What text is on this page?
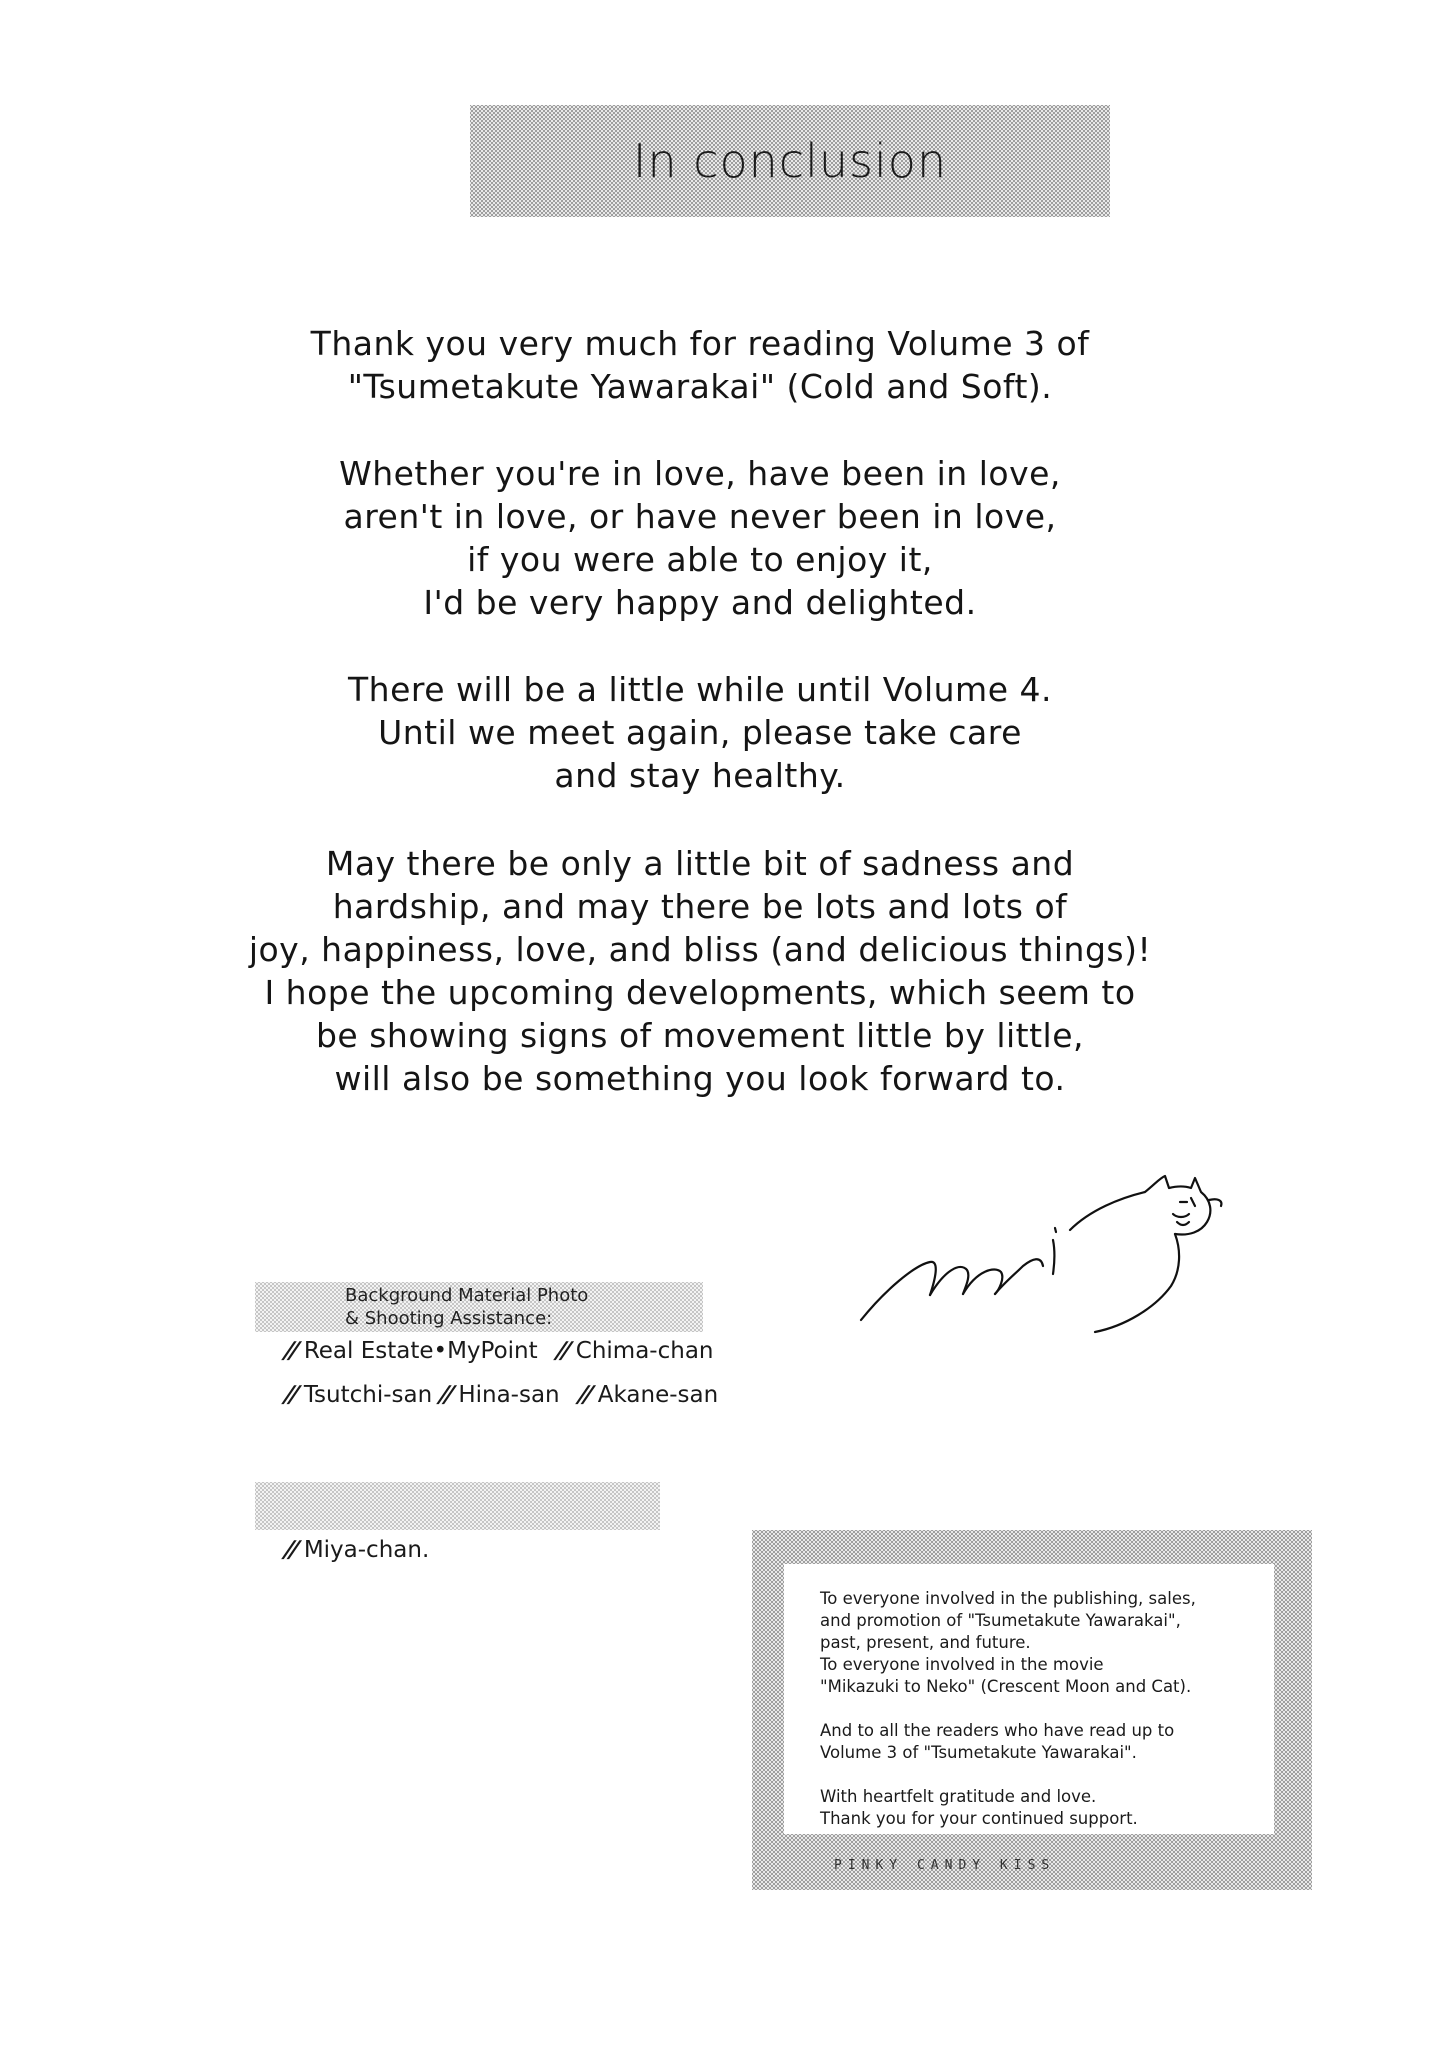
In conclusion
Thank you very much for reading Volume 3 of
"Tsumetakute Yawarakai" (Cold and Soft).
Whether you're in love, have been in love,
aren't in love, or have never been in love,
if you were able to enjoy it,
I'd be very happy and delighted.
There will be a little while until Volume 4.
Until we meet again, please take care
and stay healthy.
May there be only a little bit of sadness and
hardship, and may there be lots and lots of
joy, happiness, love, and bliss (and delicious things)!
I hope the upcoming developments, which seem to
be showing signs of movement little by little,
will also be something you look forward to.
Background Material Photo
& Shooting Assistance:
// Real Estate•MyPoint // Chima-chan
// Tsutchi-san // Hina-san // Akane-san
// Miya-chan.
To everyone involved in the publishing, sales,
and promotion of "Tsumetakute Yawarakai",
past, present, and future.
To everyone involved in the movie
"Mikazuki to Neko" (Crescent Moon and Cat).
And to all the readers who have read up to
Volume 3 of "Tsumetakute Yawarakai".
With heartfelt gratitude and love.
Thank you for your continued support.
PINKY CANDY KISS
